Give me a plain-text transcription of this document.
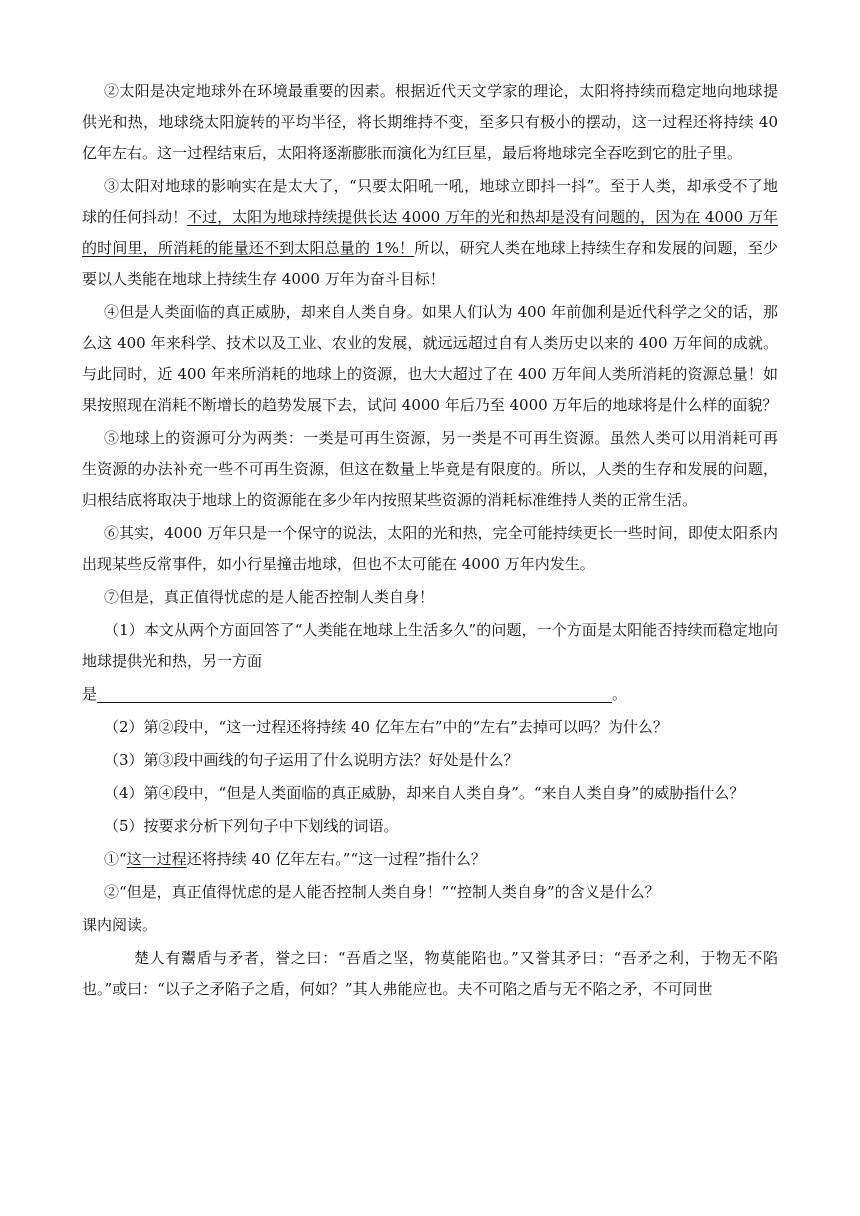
②太阳是决定地球外在环境最重要的因素。根据近代天文学家的理论，太阳将持续而稳定地向地球提供光和热，地球绕太阳旋转的平均半径，将长期维持不变，至多只有极小的摆动，这一过程还将持续 40 亿年左右。这一过程结束后，太阳将逐渐膨胀而演化为红巨星，最后将地球完全吞吃到它的肚子里。

③太阳对地球的影响实在是太大了，“只要太阳吼一吼，地球立即抖一抖”。至于人类，却承受不了地球的任何抖动！不过，太阳为地球持续提供长达 4000 万年的光和热却是没有问题的，因为在 4000 万年的时间里，所消耗的能量还不到太阳总量的 1%！所以，研究人类在地球上持续生存和发展的问题，至少要以人类能在地球上持续生存 4000 万年为奋斗目标！

④但是人类面临的真正威胁，却来自人类自身。如果人们认为 400 年前伽利是近代科学之父的话，那么这 400 年来科学、技术以及工业、农业的发展，就远远超过自有人类历史以来的 400 万年间的成就。与此同时，近 400 年来所消耗的地球上的资源，也大大超过了在 400 万年间人类所消耗的资源总量！如果按照现在消耗不断增长的趋势发展下去，试问 4000 年后乃至 4000 万年后的地球将是什么样的面貌？

⑤地球上的资源可分为两类：一类是可再生资源，另一类是不可再生资源。虽然人类可以用消耗可再生资源的办法补充一些不可再生资源，但这在数量上毕竟是有限度的。所以，人类的生存和发展的问题，归根结底将取决于地球上的资源能在多少年内按照某些资源的消耗标准维持人类的正常生活。

⑥其实，4000 万年只是一个保守的说法，太阳的光和热，完全可能持续更长一些时间，即使太阳系内出现某些反常事件，如小行星撞击地球，但也不太可能在 4000 万年内发生。

⑦但是，真正值得忧虑的是人能否控制人类自身！

（1）本文从两个方面回答了“人类能在地球上生活多久”的问题，一个方面是太阳能否持续而稳定地向地球提供光和热，另一方面

是	。

（2）第②段中，“这一过程还将持续 40 亿年左右”中的“左右”去掉可以吗？为什么？

（3）第③段中画线的句子运用了什么说明方法？好处是什么？

（4）第④段中，“但是人类面临的真正威胁，却来自人类自身”。“来自人类自身”的威胁指什么？

（5）按要求分析下列句子中下划线的词语。

①“这一过程还将持续 40 亿年左右。”“这一过程”指什么？

②“但是，真正值得忧虑的是人能否控制人类自身！”“控制人类自身”的含义是什么？

课内阅读。

楚人有鬻盾与矛者，誉之曰：“吾盾之坚，物莫能陷也。”又誉其矛曰：“吾矛之利，于物无不陷也。”或曰：“以子之矛陷子之盾，何如？”其人弗能应也。夫不可陷之盾与无不陷之矛，不可同世
